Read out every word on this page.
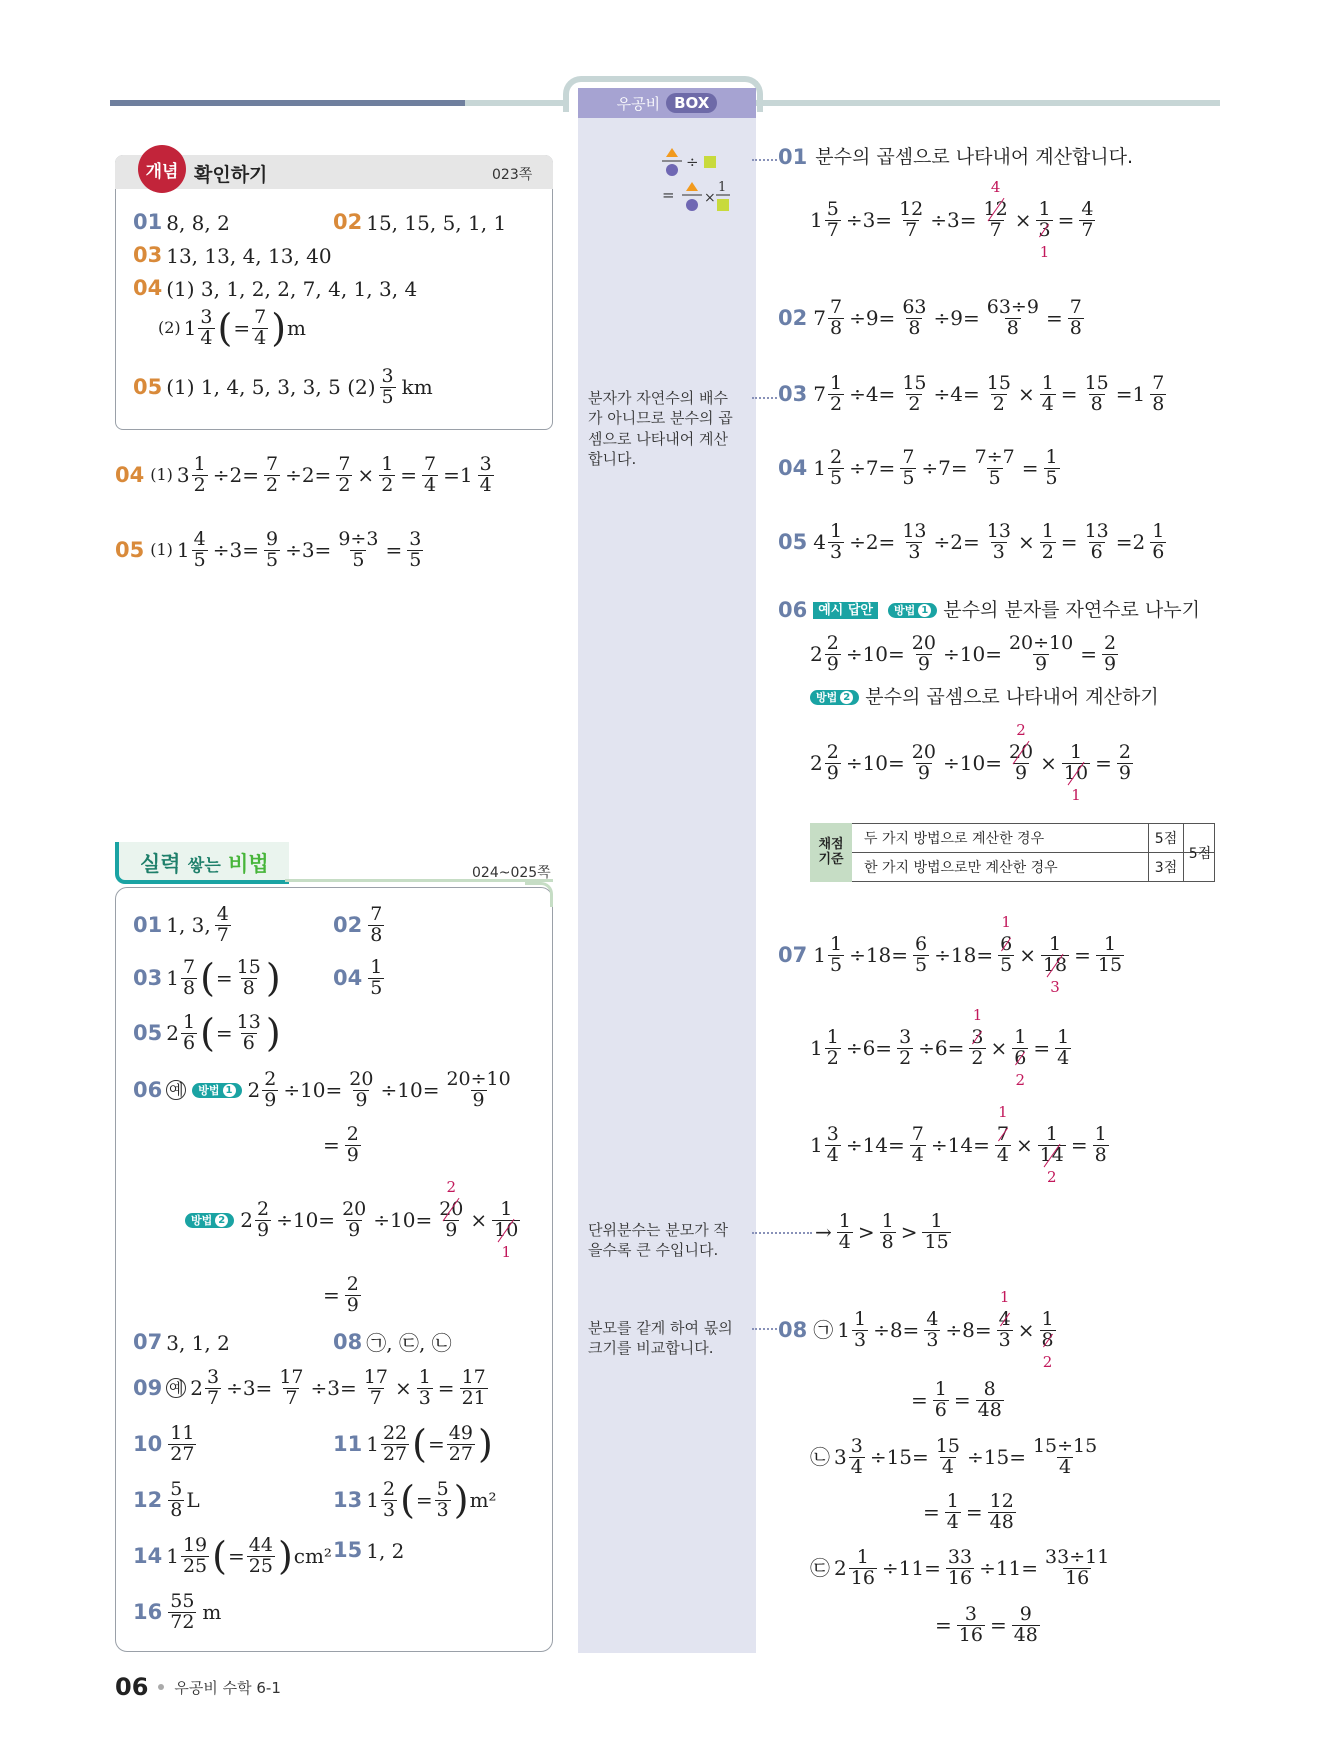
우공비 BOX
÷
= ×
1
분자가 자연수의 배수가 아니므로 분수의 곱셈으로 나타내어 계산합니다.
단위분수는 분모가 작을수록 큰 수입니다.
분모를 같게 하여 몫의 크기를 비교합니다.
개념 확인하기	023쪽
01 8, 8, 2	02 15, 15, 5, 1, 1
03 13, 13, 4, 13, 40
04 (1) 3, 1, 2, 2, 7, 4, 1, 3, 4
(2) $1 \frac{3}{4}$ ( = $\frac{7}{4}$ ) m
05 (1) 1, 4, 5, 3, 3, 5 $(2) \frac{3}{5}$ km
04 (1) $3 \frac{1}{2} \div 2= \frac{7}{2} \div 2= \frac{7}{2} \times \frac{1}{2} = \frac{7}{4} =1 \frac{3}{4}$
05 (1) $1 \frac{4}{5} \div 3= \frac{9}{5} \div 3= \frac{9\div 3}{5} = \frac{3}{5}$
실력 쌓는 비법	024~025쪽
01 1, 3, $\frac{4}{7}$	$02 \frac{7}{8}$
03 $1 \frac{7}{8}$ ( = $\frac{15}{8}$ ) $04 \frac{1}{5}$
05 $2 \frac{1}{6}$ ( = $\frac{13}{6}$ )
06 예 방법 1 $2 \frac{2}{9} \div 10= \frac{20}{9} \div 10= \frac{20\div 10}{9}$
= $\frac{2}{9}$
방법 2 $2 \frac{2}{9} \div 10= \frac{20}{9} \div 10= 20$
2
9 × 1
10
1
= $\frac{2}{9}$
07 3, 1, 2	08 ㉠, ㉢, ㉡
09 예 $2 \frac{3}{7} \div 3= \frac{17}{7} \div 3= \frac{17}{7} \times \frac{1}{3} = \frac{17}{21}$
$10 \frac{11}{27}$	11 $1 \frac{22}{27}$ ( = $\frac{49}{27}$ )
$12 \frac{5}{8}$ L	13 $1 \frac{2}{3}$ ( = $\frac{5}{3}$ ) m²
14 $1 \frac{19}{25}$ ( = $\frac{44}{25}$ ) cm² 15 1, 2
$16 \frac{55}{72}$ m
01 분수의 곱셈으로 나타내어 계산합니다.
$1 \frac{5}{7} \div 3= \frac{12}{7} \div 3= 12$
4
7 × 1
3
$1 = \frac{4}{7}$
02 $7 \frac{7}{8} \div 9= \frac{63}{8} \div 9= \frac{63\div 9}{8} = \frac{7}{8}$
03 $7 \frac{1}{2} \div 4= \frac{15}{2} \div 4= \frac{15}{2} \times \frac{1}{4} = \frac{15}{8} =1 \frac{7}{8}$
04 $1 \frac{2}{5} \div 7= \frac{7}{5} \div 7= \frac{7\div 7}{5} = \frac{1}{5}$
05 $4 \frac{1}{3} \div 2= \frac{13}{3} \div 2= \frac{13}{3} \times \frac{1}{2} = \frac{13}{6} =2 \frac{1}{6}$
06 예시 답안	방법 1 분수의 분자를 자연수로 나누기
$2 \frac{2}{9} \div 10= \frac{20}{9} \div 10= \frac{20\div 10}{9} = \frac{2}{9}$
방법 2 분수의 곱셈으로 나타내어 계산하기
$2 \frac{2}{9} \div 10= \frac{20}{9} \div 10= 20$
2
9 × 1
10
$1 = \frac{2}{9}$
채점 기준
두 가지 방법으로 계산한 경우	5점
한 가지 방법으로만 계산한 경우	3점
5점
07 $1 \frac{1}{5} \div 18= \frac{6}{5} \div 18= 6$
1
5 × 1
18
$3 = \frac{1}{15}$
$1 \frac{1}{2} \div 6= \frac{3}{2} \div 6= 3$
1
2 × 1
6
$2 = \frac{1}{4}$
$1 \frac{3}{4} \div 14= \frac{7}{4} \div 14= 7$
1
4 × 1
14
$2 = \frac{1}{8}$
→ $\frac{1}{4} > \frac{1}{8} > \frac{1}{15}$
08 ㉠ $1 \frac{1}{3} \div 8= \frac{4}{3} \div 8= 4$
1
3 × 1
8
2
= $\frac{1}{6} = \frac{8}{48}$
㉡ $3 \frac{3}{4} \div 15= \frac{15}{4} \div 15= \frac{15\div 15}{4}$
= $\frac{1}{4} = \frac{12}{48}$
㉢ $2 \frac{1}{16} \div 11= \frac{33}{16} \div 11= \frac{33\div 11}{16}$
= $\frac{3}{16} = \frac{9}{48}$
06 우공비 수학 6-1
